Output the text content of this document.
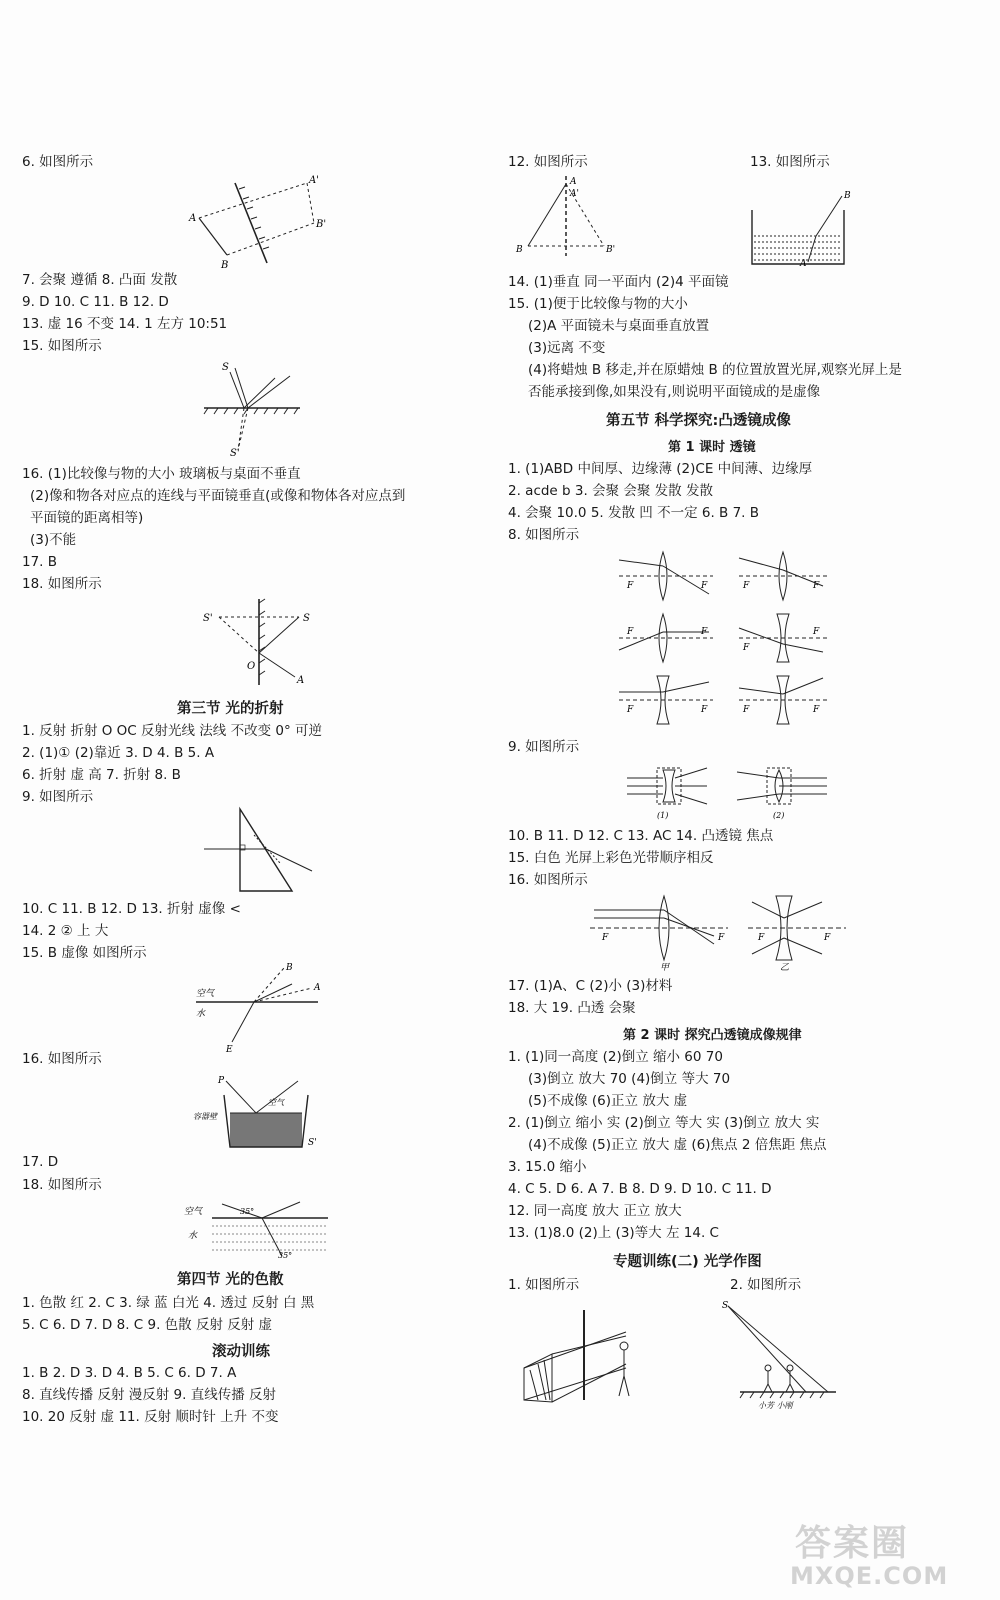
6. 如图所示
A
A'
B
B'
7. 会聚 遵循 8. 凸面 发散
9. D 10. C 11. B 12. D
13. 虚 16 不变 14. 1 左方 10:51
15. 如图所示
S
S'
16. (1)比较像与物的大小 玻璃板与桌面不垂直
(2)像和物各对应点的连线与平面镜垂直(或像和物体各对应点到
平面镜的距离相等)
(3)不能
17. B
18. 如图所示
S'	S
O
A
第三节 光的折射
1. 反射 折射 O OC 反射光线 法线 不改变 0° 可逆
2. (1)① (2)靠近 3. D 4. B 5. A
6. 折射 虚 高 7. 折射 8. B
9. 如图所示
10. C 11. B 12. D 13. 折射 虚像 <
14. 2 ② 上 大
15. B 虚像 如图所示
空气
水
B
A
E
16. 如图所示
P
空气
容器壁
S'
17. D
18. 如图所示
空气
水
35°
35°
第四节 光的色散
1. 色散 红 2. C 3. 绿 蓝 白光 4. 透过 反射 白 黑
5. C 6. D 7. D 8. C 9. 色散 反射 反射 虚
滚动训练
1. B 2. D 3. D 4. B 5. C 6. D 7. A
8. 直线传播 反射 漫反射 9. 直线传播 反射
10. 20 反射 虚 11. 反射 顺时针 上升 不变
12. 如图所示	13. 如图所示
A
A'
B	B'
B
A
14. (1)垂直 同一平面内 (2)4 平面镜
15. (1)便于比较像与物的大小
(2)A 平面镜未与桌面垂直放置
(3)远离 不变
(4)将蜡烛 B 移走,并在原蜡烛 B 的位置放置光屏,观察光屏上是
否能承接到像,如果没有,则说明平面镜成的是虚像
第五节 科学探究:凸透镜成像
第 1 课时 透镜
1. (1)ABD 中间厚、边缘薄 (2)CE 中间薄、边缘厚
2. acde b 3. 会聚 会聚 发散 发散
4. 会聚 10.0 5. 发散 凹 不一定 6. B 7. B
8. 如图所示
F	F	F	F
F	F
F
F
F	F	F	F
9. 如图所示
(1)	(2)
10. B 11. D 12. C 13. AC 14. 凸透镜 焦点
15. 白色 光屏上彩色光带顺序相反
16. 如图所示
F	F	F	F
甲	乙
17. (1)A、C (2)小 (3)材料
18. 大 19. 凸透 会聚
第 2 课时 探究凸透镜成像规律
1. (1)同一高度 (2)倒立 缩小 60 70
(3)倒立 放大 70 (4)倒立 等大 70
(5)不成像 (6)正立 放大 虚
2. (1)倒立 缩小 实 (2)倒立 等大 实 (3)倒立 放大 实
(4)不成像 (5)正立 放大 虚 (6)焦点 2 倍焦距 焦点
3. 15.0 缩小
4. C 5. D 6. A 7. B 8. D 9. D 10. C 11. D
12. 同一高度 放大 正立 放大
13. (1)8.0 (2)上 (3)等大 左 14. C
专题训练(二) 光学作图
1. 如图所示	2. 如图所示
S
小芳 小刚
答案圈
MXQE.COM
